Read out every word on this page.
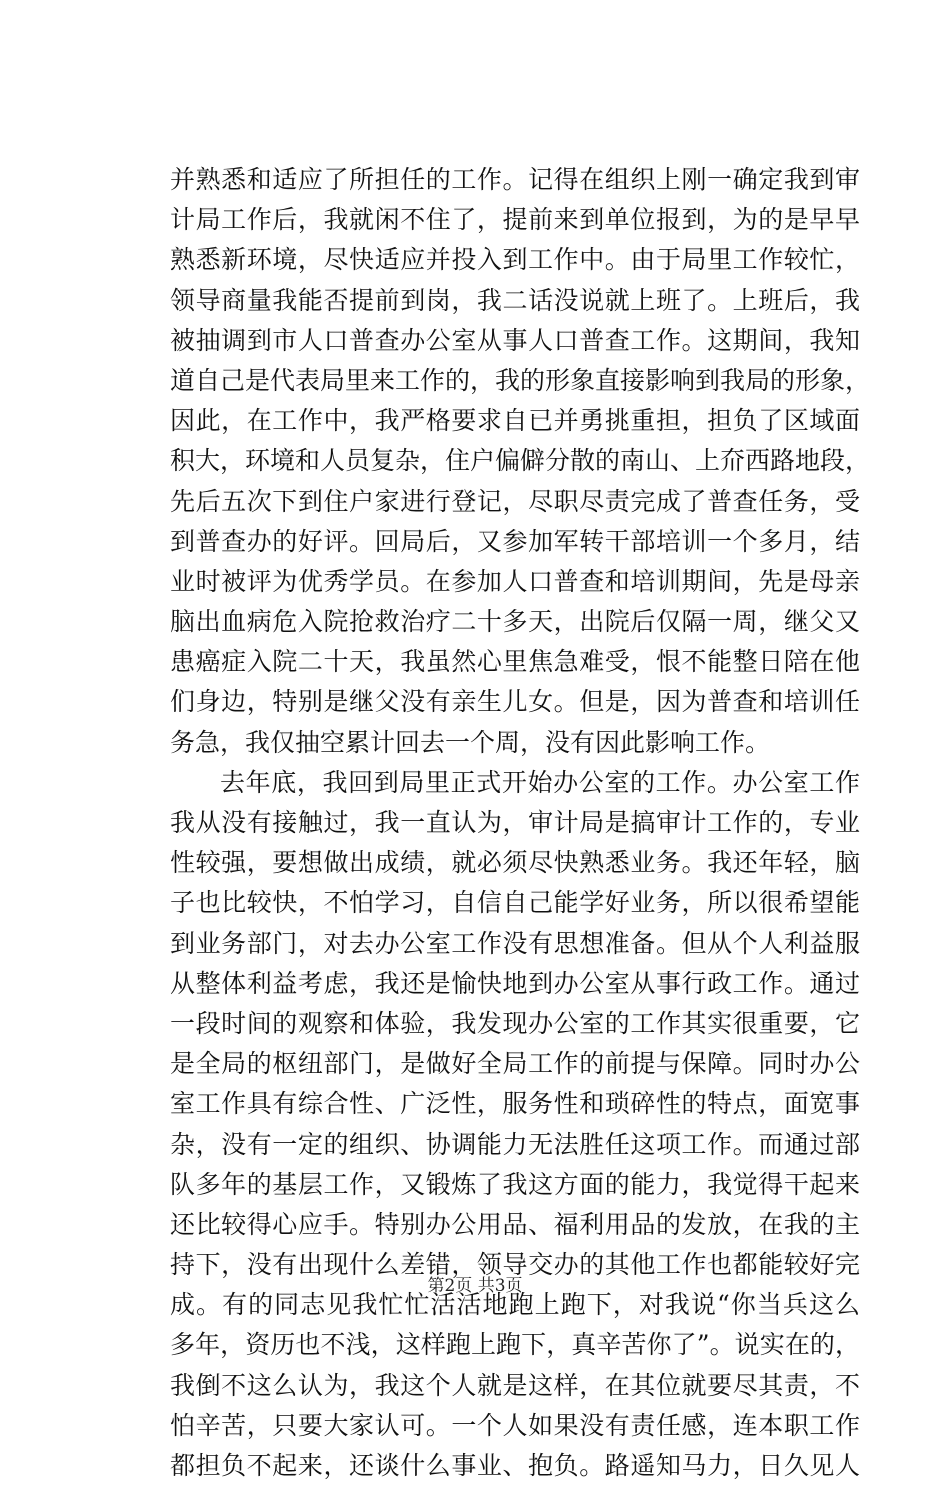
并熟悉和适应了所担任的工作。记得在组织上刚一确定我到审
计局工作后，我就闲不住了，提前来到单位报到，为的是早早
熟悉新环境，尽快适应并投入到工作中。由于局里工作较忙，
领导商量我能否提前到岗，我二话没说就上班了。上班后，我
被抽调到市人口普查办公室从事人口普查工作。这期间，我知
道自己是代表局里来工作的，我的形象直接影响到我局的形象，
因此，在工作中，我严格要求自已并勇挑重担，担负了区域面
积大，环境和人员复杂，住户偏僻分散的南山、上夼西路地段，
先后五次下到住户家进行登记，尽职尽责完成了普查任务，受
到普查办的好评。回局后，又参加军转干部培训一个多月，结
业时被评为优秀学员。在参加人口普查和培训期间，先是母亲
脑出血病危入院抢救治疗二十多天，出院后仅隔一周，继父又
患癌症入院二十天，我虽然心里焦急难受，恨不能整日陪在他
们身边，特别是继父没有亲生儿女。但是，因为普查和培训任
务急，我仅抽空累计回去一个周，没有因此影响工作。
去年底，我回到局里正式开始办公室的工作。办公室工作
我从没有接触过，我一直认为，审计局是搞审计工作的，专业
性较强，要想做出成绩，就必须尽快熟悉业务。我还年轻，脑
子也比较快，不怕学习，自信自己能学好业务，所以很希望能
到业务部门，对去办公室工作没有思想准备。但从个人利益服
从整体利益考虑，我还是愉快地到办公室从事行政工作。通过
一段时间的观察和体验，我发现办公室的工作其实很重要，它
是全局的枢纽部门，是做好全局工作的前提与保障。同时办公
室工作具有综合性、广泛性，服务性和琐碎性的特点，面宽事
杂，没有一定的组织、协调能力无法胜任这项工作。而通过部
队多年的基层工作，又锻炼了我这方面的能力，我觉得干起来
还比较得心应手。特别办公用品、福利用品的发放，在我的主
持下，没有出现什么差错，领导交办的其他工作也都能较好完
成。有的同志见我忙忙活活地跑上跑下，对我说“你当兵这么
多年，资历也不浅，这样跑上跑下，真辛苦你了”。说实在的，
我倒不这么认为，我这个人就是这样，在其位就要尽其责，不
怕辛苦，只要大家认可。一个人如果没有责任感，连本职工作
都担负不起来，还谈什么事业、抱负。路遥知马力，日久见人
第2页 共3页
